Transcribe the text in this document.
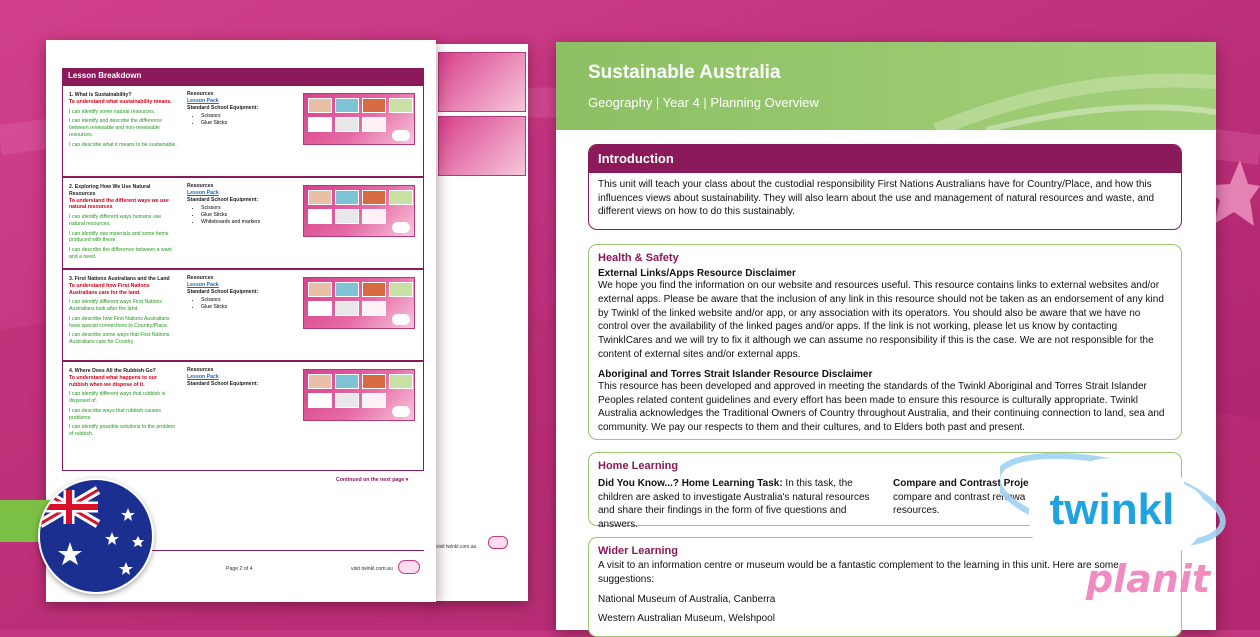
visit twinkl.com.au
Lesson Breakdown
1. What is Sustainability?
To understand what sustainability means.
I can identify some natural resources.
I can identify and describe the difference between renewable and non-renewable resources.
I can describe what it means to be sustainable.
Resources
Lesson Pack
Standard School Equipment:
• Scissors
• Glue Sticks
2. Exploring How We Use Natural Resources
To understand the different ways we use natural resources
I can identify different ways humans use natural resources.
I can identify raw materials and some items produced with these.
I can describe the difference between a want and a need.
Resources
Lesson Pack
Standard School Equipment:
• Scissors
• Glue Sticks
• Whiteboards and markers
3. First Nations Australians and the Land
To understand how First Nations Australians care for the land.
I can identify different ways First Nations Australians look after the land.
I can describe how First Nations Australians have special connections to Country/Place.
I can describe some ways that First Nations Australians care for Country
Resources
Lesson Pack
Standard School Equipment:
• Scissors
• Glue Sticks
4. Where Does All the Rubbish Go?
To understand what happens to our rubbish when we dispose of it.
I can identify different ways that rubbish is disposed of.
I can describe ways that rubbish causes problems.
I can identify possible solutions to the problem of rubbish.
Resources
Lesson Pack
Standard School Equipment:
Continued on the next page ▾
Page 2 of 4	visit twinkl.com.au
Sustainable Australia
Geography | Year 4 | Planning Overview
Introduction
This unit will teach your class about the custodial responsibility First Nations Australians have for Country/Place, and how this influences views about sustainability. They will also learn about the use and management of natural resources and waste, and different views on how to do this sustainably.
Health & Safety
External Links/Apps Resource Disclaimer
We hope you find the information on our website and resources useful. This resource contains links to external websites and/or external apps. Please be aware that the inclusion of any link in this resource should not be taken as an endorsement of any kind by Twinkl of the linked website and/or app, or any association with its operators. You should also be aware that we have no control over the availability of the linked pages and/or apps. If the link is not working, please let us know by contacting TwinklCares and we will try to fix it although we can assume no responsibility if this is the case. We are not responsible for the content of external sites and/or external apps.
Aboriginal and Torres Strait Islander Resource Disclaimer
This resource has been developed and approved in meeting the standards of the Twinkl Aboriginal and Torres Strait Islander Peoples related content guidelines and every effort has been made to ensure this resource is culturally appropriate. Twinkl Australia acknowledges the Traditional Owners of Country throughout Australia, and their continuing connection to land, sea and community. We pay our respects to them and their cultures, and to Elders both past and present.
Home Learning
Did You Know...? Home Learning Task: In this task, the children are asked to investigate Australia's natural resources and share their findings in the form of five questions and answers.
Compare and Contrast Proje
compare and contrast renewa resources.
Wider Learning
A visit to an information centre or museum would be a fantastic complement to the learning in this unit. Here are some suggestions:
National Museum of Australia, Canberra
Western Australian Museum, Welshpool
twinkl
planit
